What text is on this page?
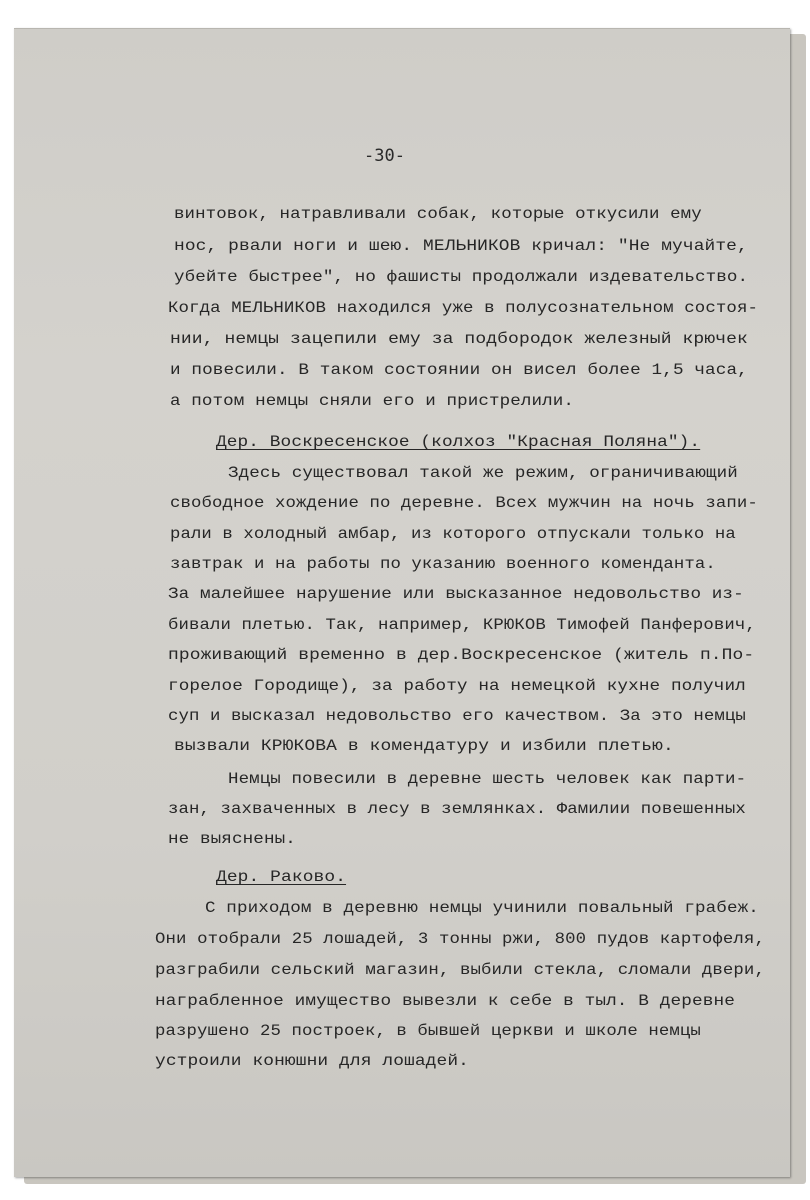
-30-
винтовок, натравливали собак, которые откусили ему
нос, рвали ноги и шею. МЕЛЬНИКОВ кричал: "Не мучайте,
убейте быстрее", но фашисты продолжали издевательство.
Когда МЕЛЬНИКОВ находился уже в полусознательном состоя-
нии, немцы зацепили ему за подбородок железный крючек
и повесили. В таком состоянии он висел более 1,5 часа,
а потом немцы сняли его и пристрелили.
Дер. Воскресенское (колхоз "Красная Поляна").
Здесь существовал такой же режим, ограничивающий
свободное хождение по деревне. Всех мужчин на ночь запи-
рали в холодный амбар, из которого отпускали только на
завтрак и на работы по указанию военного коменданта.
За малейшее нарушение или высказанное недовольство из-
бивали плетью. Так, например, КРЮКОВ Тимофей Панферович,
проживающий временно в дер.Воскресенское (житель п.По-
горелое Городище), за работу на немецкой кухне получил
суп и высказал недовольство его качеством. За это немцы
вызвали КРЮКОВА в комендатуру и избили плетью.
Немцы повесили в деревне шесть человек как парти-
зан, захваченных в лесу в землянках. Фамилии повешенных
не выяснены.
Дер. Раково.
С приходом в деревню немцы учинили повальный грабеж.
Они отобрали 25 лошадей, 3 тонны ржи, 800 пудов картофеля,
разграбили сельский магазин, выбили стекла, сломали двери,
награбленное имущество вывезли к себе в тыл. В деревне
разрушено 25 построек, в бывшей церкви и школе немцы
устроили конюшни для лошадей.
